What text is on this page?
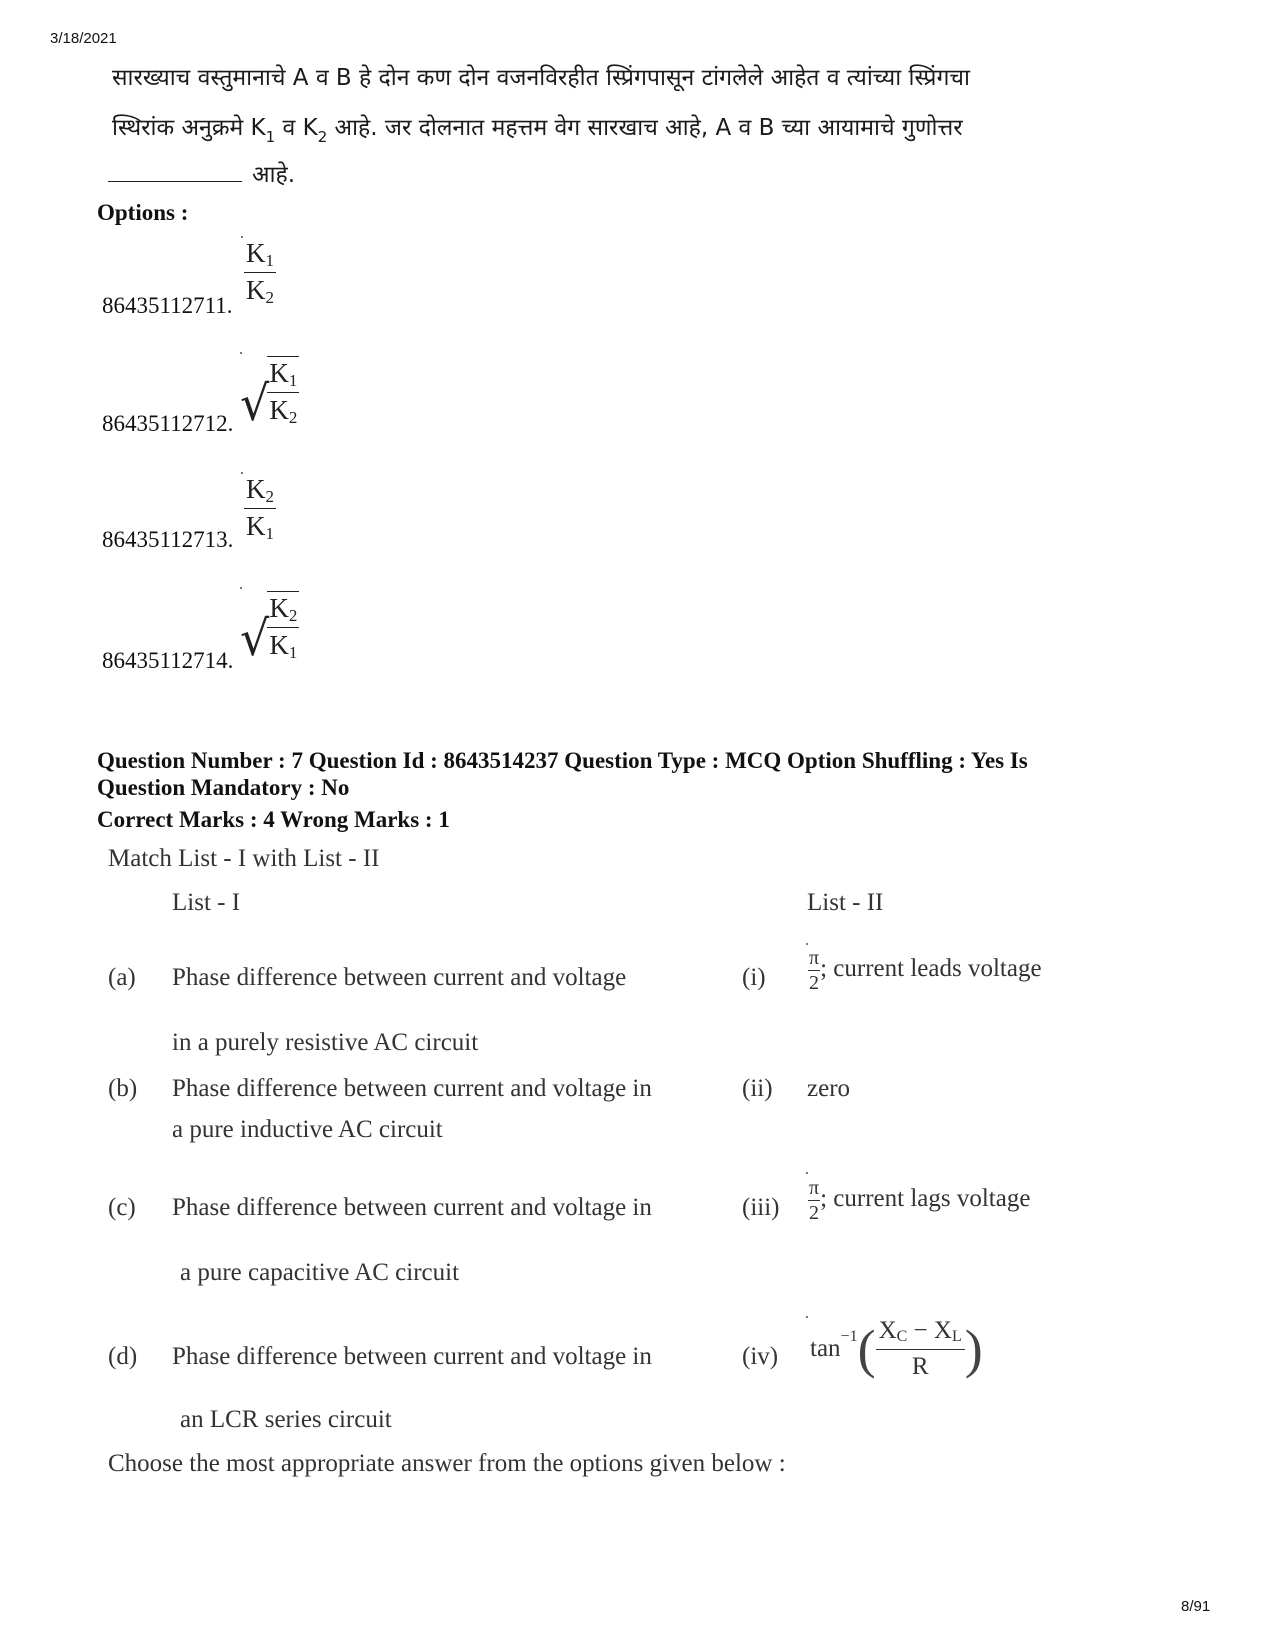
3/18/2021
सारख्याच वस्तुमानाचे A व B हे दोन कण दोन वजनविरहीत स्प्रिंगपासून टांगलेले आहेत व त्यांच्या स्प्रिंगचा
स्थिरांक अनुक्रमे $K_1$ व $K_2$ आहे. जर दोलनात महत्तम वेग सारखाच आहे, A व B च्या आयामाचे गुणोत्तर
आहे.
Options :
$\frac{K_1}{K_2}$
86435112711.
√
$\frac{K_1}{K_2}$
86435112712.
$\frac{K_2}{K_1}$
86435112713.
√
$\frac{K_2}{K_1}$
86435112714.
Question Number : 7 Question Id : 8643514237 Question Type : MCQ Option Shuffling : Yes Is
Question Mandatory : No
Correct Marks : 4 Wrong Marks : 1
Match List - I with List - II
List - I	List - II
(a) Phase difference between current and voltage
in a purely resistive AC circuit
$(i) \frac{\pi}{2}$ ; current leads voltage
(b) Phase difference between current and voltage in
a pure inductive AC circuit
(ii) zero
(c) Phase difference between current and voltage in
a pure capacitive AC circuit
$(iii) \frac{\pi}{2}$ ; current lags voltage
(d) Phase difference between current and voltage in
an LCR series circuit
(iv) $\tan^{-1}$ ( $\frac{X_C - X_L}{R}$ )
Choose the most appropriate answer from the options given below :
8/91
